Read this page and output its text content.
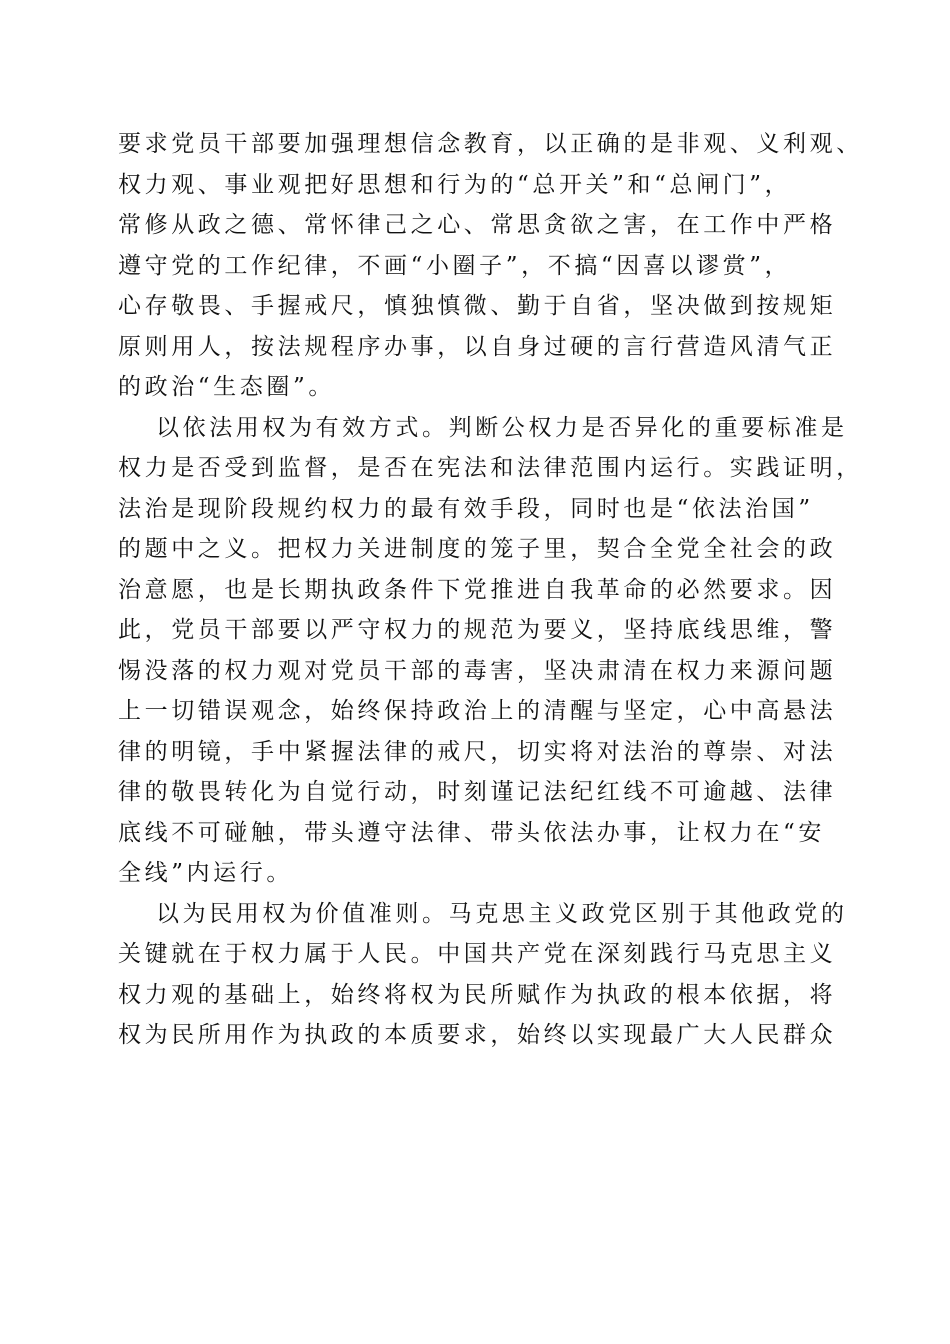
要求党员干部要加强理想信念教育，以正确的是非观、义利观、
权力观、事业观把好思想和行为的“总开关”和“总闸门”，
常修从政之德、常怀律己之心、常思贪欲之害，在工作中严格
遵守党的工作纪律，不画“小圈子”，不搞“因喜以谬赏”，
心存敬畏、手握戒尺，慎独慎微、勤于自省，坚决做到按规矩
原则用人，按法规程序办事，以自身过硬的言行营造风清气正
的政治“生态圈”。
以依法用权为有效方式。判断公权力是否异化的重要标准是
权力是否受到监督，是否在宪法和法律范围内运行。实践证明，
法治是现阶段规约权力的最有效手段，同时也是“依法治国”
的题中之义。把权力关进制度的笼子里，契合全党全社会的政
治意愿，也是长期执政条件下党推进自我革命的必然要求。因
此，党员干部要以严守权力的规范为要义，坚持底线思维，警
惕没落的权力观对党员干部的毒害，坚决肃清在权力来源问题
上一切错误观念，始终保持政治上的清醒与坚定，心中高悬法
律的明镜，手中紧握法律的戒尺，切实将对法治的尊崇、对法
律的敬畏转化为自觉行动，时刻谨记法纪红线不可逾越、法律
底线不可碰触，带头遵守法律、带头依法办事，让权力在“安
全线”内运行。
以为民用权为价值准则。马克思主义政党区别于其他政党的
关键就在于权力属于人民。中国共产党在深刻践行马克思主义
权力观的基础上，始终将权为民所赋作为执政的根本依据，将
权为民所用作为执政的本质要求，始终以实现最广大人民群众
